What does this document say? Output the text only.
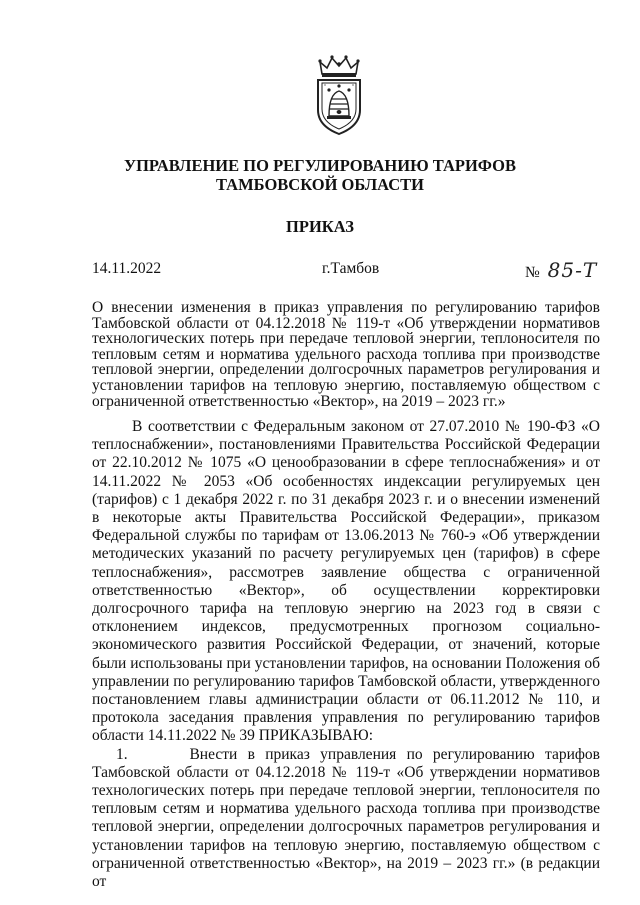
УПРАВЛЕНИЕ ПО РЕГУЛИРОВАНИЮ ТАРИФОВ
ТАМБОВСКОЙ ОБЛАСТИ
ПРИКАЗ
14.11.2022	г.Тамбов	№ 85-Т
О внесении изменения в приказ управления по регулированию тарифов Тамбовской области от 04.12.2018 № 119-т «Об утверждении нормативов технологических потерь при передаче тепловой энергии, теплоносителя по тепловым сетям и норматива удельного расхода топлива при производстве тепловой энергии, определении долгосрочных параметров регулирования и установлении тарифов на тепловую энергию, поставляемую обществом с ограниченной ответственностью «Вектор», на 2019 – 2023 гг.»

В соответствии с Федеральным законом от 27.07.2010 № 190-ФЗ «О теплоснабжении», постановлениями Правительства Российской Федерации от 22.10.2012 № 1075 «О ценообразовании в сфере теплоснабжения» и от 14.11.2022 № 2053 «Об особенностях индексации регулируемых цен (тарифов) с 1 декабря 2022 г. по 31 декабря 2023 г. и о внесении изменений в некоторые акты Правительства Российской Федерации», приказом Федеральной службы по тарифам от 13.06.2013 № 760-э «Об утверждении методических указаний по расчету регулируемых цен (тарифов) в сфере теплоснабжения», рассмотрев заявление общества с ограниченной ответственностью «Вектор», об осуществлении корректировки долгосрочного тарифа на тепловую энергию на 2023 год в связи с отклонением индексов, предусмотренных прогнозом социально-экономического развития Российской Федерации, от значений, которые были использованы при установлении тарифов, на основании Положения об управлении по регулированию тарифов Тамбовской области, утвержденного постановлением главы администрации области от 06.11.2012 № 110, и протокола заседания правления управления по регулированию тарифов области 14.11.2022 № 39 ПРИКАЗЫВАЮ:

1.      Внести в приказ управления по регулированию тарифов Тамбовской области от 04.12.2018 № 119-т «Об утверждении нормативов технологических потерь при передаче тепловой энергии, теплоносителя по тепловым сетям и норматива удельного расхода топлива при производстве тепловой энергии, определении долгосрочных параметров регулирования и установлении тарифов на тепловую энергию, поставляемую обществом с ограниченной ответственностью «Вектор», на 2019 – 2023 гг.» (в редакции от
